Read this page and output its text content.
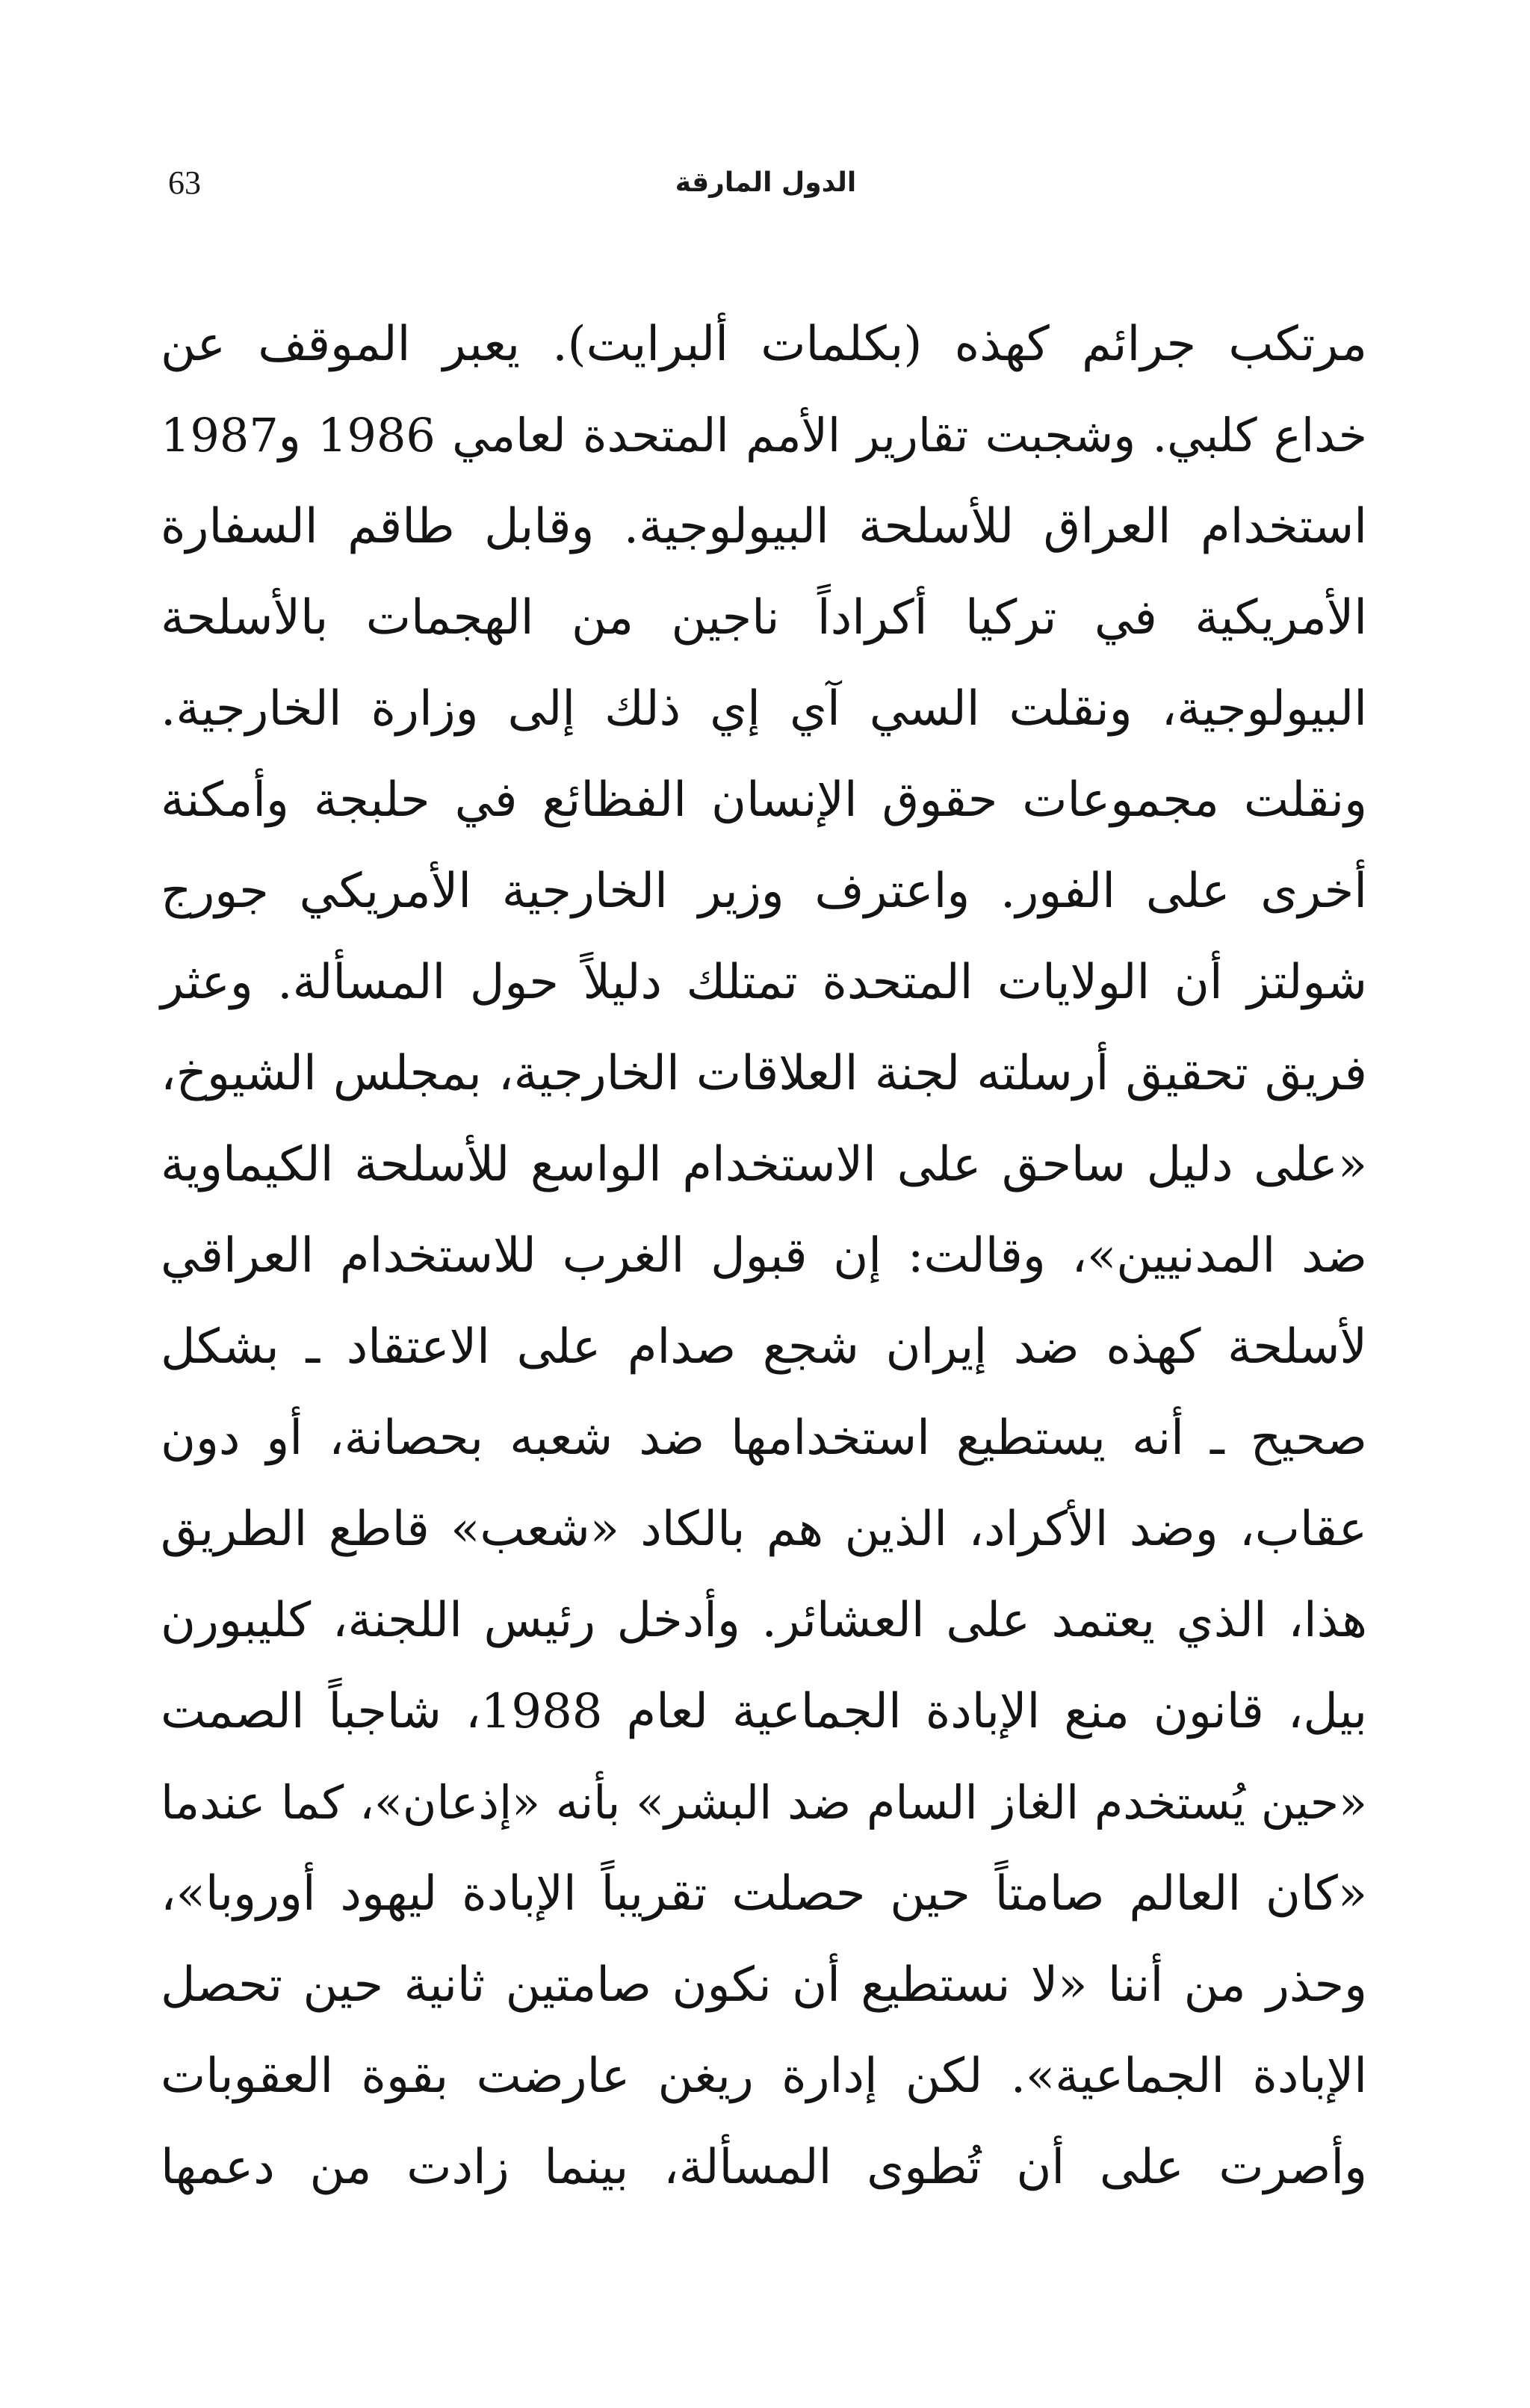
63	الدول المارقة
مرتكب جرائم كهذه (بكلمات ألبرايت). يعبر الموقف عن
خداع كلبي. وشجبت تقارير الأمم المتحدة لعامي 1986 و1987
استخدام العراق للأسلحة البيولوجية. وقابل طاقم السفارة
الأمريكية في تركيا أكراداً ناجين من الهجمات بالأسلحة
البيولوجية، ونقلت السي آي إي ذلك إلى وزارة الخارجية.
ونقلت مجموعات حقوق الإنسان الفظائع في حلبجة وأمكنة
أخرى على الفور. واعترف وزير الخارجية الأمريكي جورج
شولتز أن الولايات المتحدة تمتلك دليلاً حول المسألة. وعثر
فريق تحقيق أرسلته لجنة العلاقات الخارجية، بمجلس الشيوخ،
«على دليل ساحق على الاستخدام الواسع للأسلحة الكيماوية
ضد المدنيين»، وقالت: إن قبول الغرب للاستخدام العراقي
لأسلحة كهذه ضد إيران شجع صدام على الاعتقاد ـ بشكل
صحيح ـ أنه يستطيع استخدامها ضد شعبه بحصانة، أو دون
عقاب، وضد الأكراد، الذين هم بالكاد «شعب» قاطع الطريق
هذا، الذي يعتمد على العشائر. وأدخل رئيس اللجنة، كليبورن
بيل، قانون منع الإبادة الجماعية لعام 1988، شاجباً الصمت
«حين يُستخدم الغاز السام ضد البشر» بأنه «إذعان»، كما عندما
«كان العالم صامتاً حين حصلت تقريباً الإبادة ليهود أوروبا»،
وحذر من أننا «لا نستطيع أن نكون صامتين ثانية حين تحصل
الإبادة الجماعية». لكن إدارة ريغن عارضت بقوة العقوبات
وأصرت على أن تُطوى المسألة، بينما زادت من دعمها
